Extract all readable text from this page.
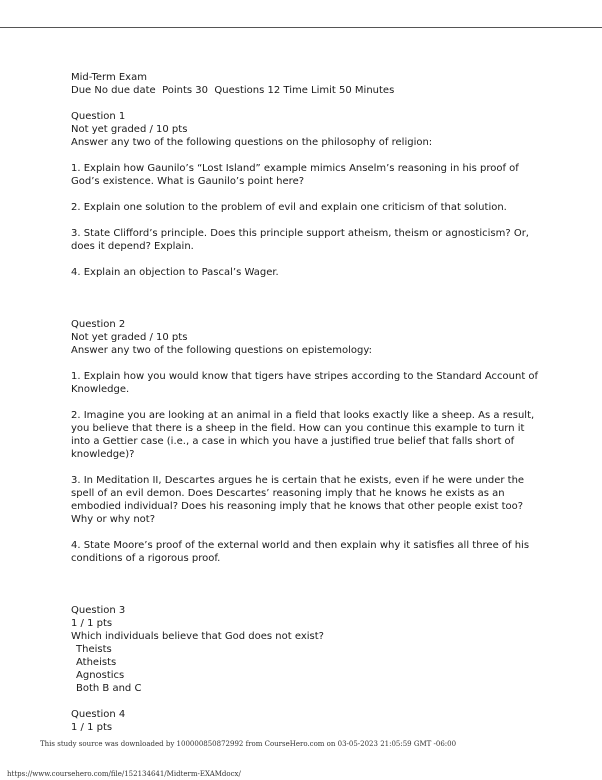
Mid-Term Exam

Due No due date  Points 30  Questions 12 Time Limit 50 Minutes

Question 1

Not yet graded / 10 pts

Answer any two of the following questions on the philosophy of religion:

1. Explain how Gaunilo’s “Lost Island” example mimics Anselm’s reasoning in his proof of God’s existence. What is Gaunilo’s point here?

2. Explain one solution to the problem of evil and explain one criticism of that solution.

3. State Clifford’s principle. Does this principle support atheism, theism or agnosticism? Or, does it depend? Explain.

4. Explain an objection to Pascal’s Wager.

Question 2

Not yet graded / 10 pts

Answer any two of the following questions on epistemology:

1. Explain how you would know that tigers have stripes according to the Standard Account of Knowledge.

2. Imagine you are looking at an animal in a field that looks exactly like a sheep. As a result, you believe that there is a sheep in the field. How can you continue this example to turn it into a Gettier case (i.e., a case in which you have a justified true belief that falls short of knowledge)?

3. In Meditation II, Descartes argues he is certain that he exists, even if he were under the spell of an evil demon. Does Descartes’ reasoning imply that he knows he exists as an embodied individual? Does his reasoning imply that he knows that other people exist too? Why or why not?

4. State Moore’s proof of the external world and then explain why it satisfies all three of his conditions of a rigorous proof.

Question 3

1 / 1 pts

Which individuals believe that God does not exist?

Theists

Atheists

Agnostics

Both B and C

Question 4

1 / 1 pts

This study source was downloaded by 100000850872992 from CourseHero.com on 03-05-2023 21:05:59 GMT -06:00
https://www.coursehero.com/file/152134641/Midterm-EXAMdocx/
